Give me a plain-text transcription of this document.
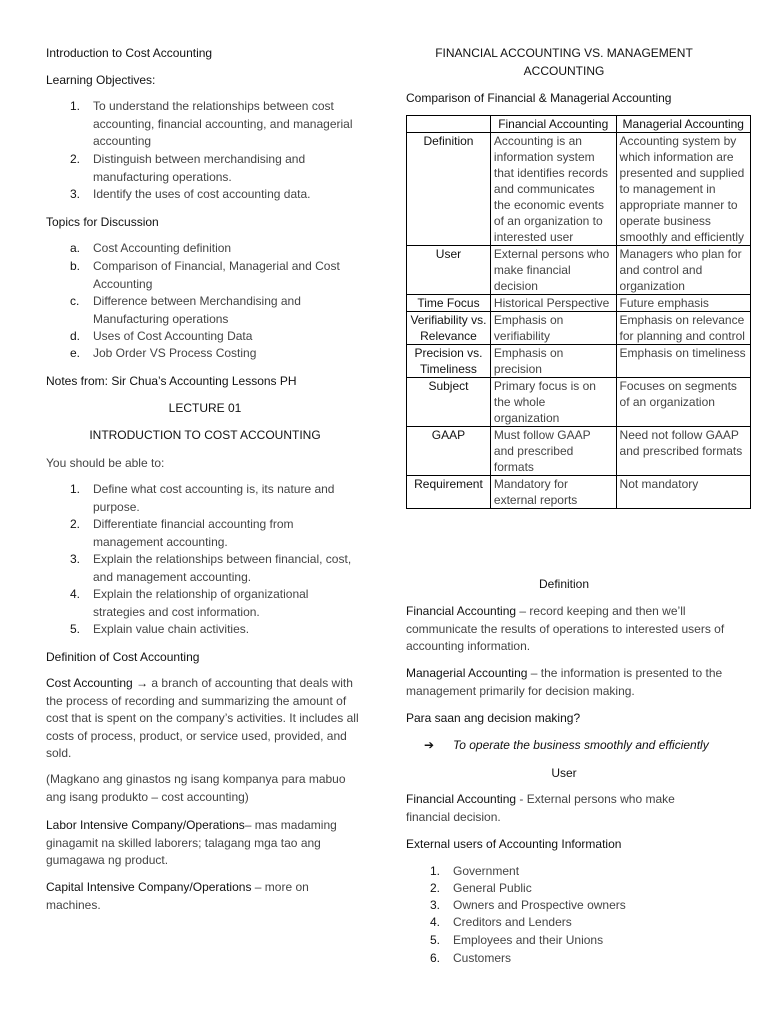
Introduction to Cost Accounting
Learning Objectives:
1. To understand the relationships between cost accounting, financial accounting, and managerial accounting
2. Distinguish between merchandising and manufacturing operations.
3. Identify the uses of cost accounting data.
Topics for Discussion
a. Cost Accounting definition
b. Comparison of Financial, Managerial and Cost Accounting
c. Difference between Merchandising and Manufacturing operations
d. Uses of Cost Accounting Data
e. Job Order VS Process Costing
Notes from: Sir Chua’s Accounting Lessons PH
LECTURE 01
INTRODUCTION TO COST ACCOUNTING
You should be able to:
1. Define what cost accounting is, its nature and purpose.
2. Differentiate financial accounting from management accounting.
3. Explain the relationships between financial, cost, and management accounting.
4. Explain the relationship of organizational strategies and cost information.
5. Explain value chain activities.
Definition of Cost Accounting
Cost Accounting → a branch of accounting that deals with the process of recording and summarizing the amount of cost that is spent on the company’s activities. It includes all costs of process, product, or service used, provided, and sold.
(Magkano ang ginastos ng isang kompanya para mabuo ang isang produkto – cost accounting)
Labor Intensive Company/Operations– mas madaming ginagamit na skilled laborers; talagang mga tao ang gumagawa ng product.
Capital Intensive Company/Operations – more on machines.
FINANCIAL ACCOUNTING VS. MANAGEMENT
ACCOUNTING
Comparison of Financial & Managerial Accounting
	Financial Accounting	Managerial Accounting
Definition	Accounting is an information system that identifies records and communicates the economic events of an organization to interested user	Accounting system by which information are presented and supplied to management in appropriate manner to operate business smoothly and efficiently
User	External persons who make financial decision	Managers who plan for and control and organization
Time Focus	Historical Perspective	Future emphasis
Verifiability vs. Relevance	Emphasis on verifiability	Emphasis on relevance for planning and control
Precision vs. Timeliness	Emphasis on precision	Emphasis on timeliness
Subject	Primary focus is on the whole organization	Focuses on segments of an organization
GAAP	Must follow GAAP and prescribed formats	Need not follow GAAP and prescribed formats
Requirement	Mandatory for external reports	Not mandatory
Definition
Financial Accounting – record keeping and then we’ll communicate the results of operations to interested users of accounting information.
Managerial Accounting – the information is presented to the management primarily for decision making.
Para saan ang decision making?
➔ To operate the business smoothly and efficiently
User
Financial Accounting - External persons who make financial decision.
External users of Accounting Information
1. Government
2. General Public
3. Owners and Prospective owners
4. Creditors and Lenders
5. Employees and their Unions
6. Customers
